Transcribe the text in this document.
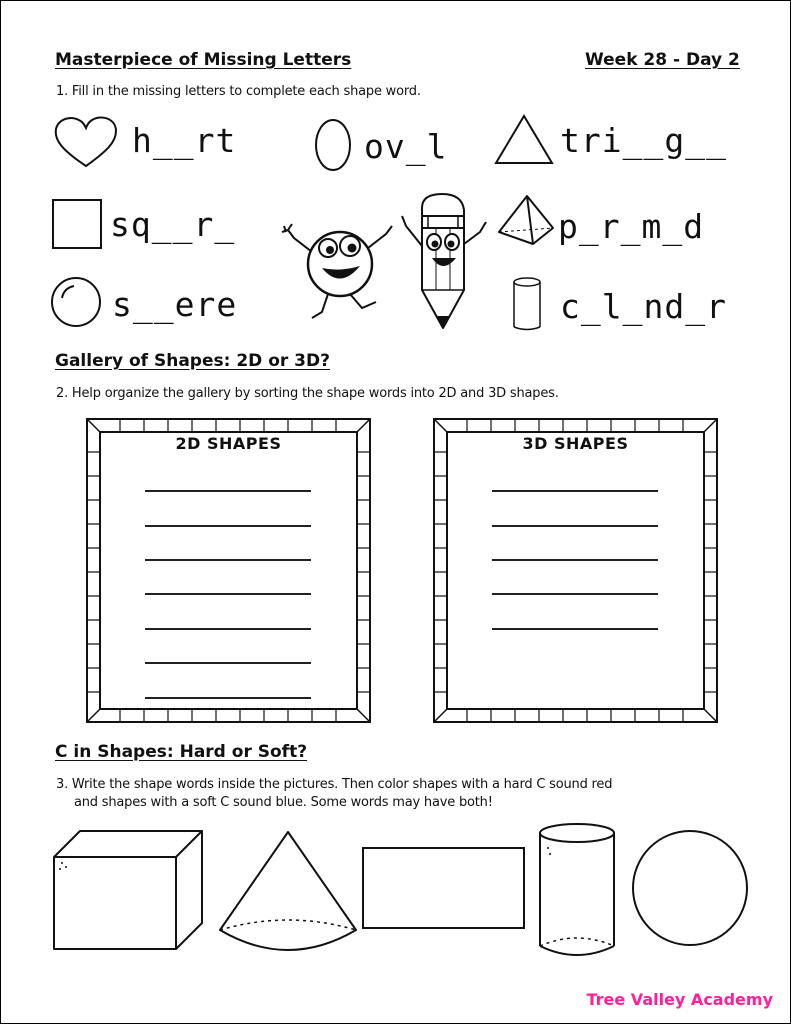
Masterpiece of Missing Letters	Week 28 - Day 2
1. Fill in the missing letters to complete each shape word.
h__rt	ov_l	tri__g__
sq__r_	p_r_m_d
s__ere	c_l_nd_r
Gallery of Shapes: 2D or 3D?
2. Help organize the gallery by sorting the shape words into 2D and 3D shapes.
2D SHAPES	3D SHAPES
C in Shapes: Hard or Soft?
3. Write the shape words inside the pictures. Then color shapes with a hard C sound red
and shapes with a soft C sound blue. Some words may have both!
Tree Valley Academy
